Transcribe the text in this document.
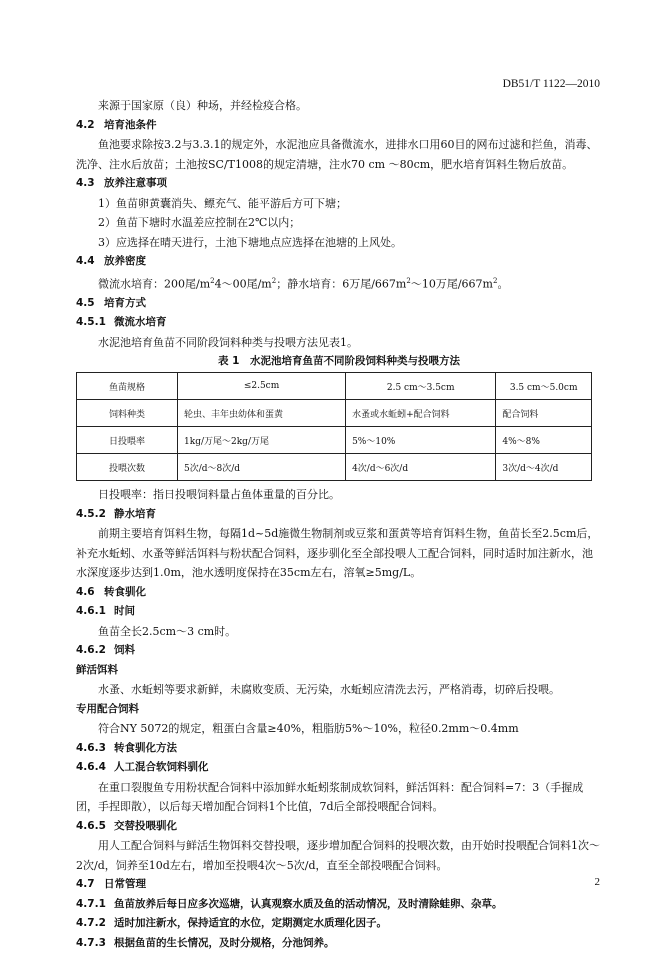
DB51/T 1122—2010

来源于国家原（良）种场，并经检疫合格。

4.2 培育池条件

鱼池要求除按3.2与3.3.1的规定外，水泥池应具备微流水，进排水口用60目的网布过滤和拦鱼，消毒、洗净、注水后放苗；土池按SC/T1008的规定清塘，注水70 cm ～80cm，肥水培育饵料生物后放苗。

4.3 放养注意事项

1）鱼苗卵黄囊消失、鳔充气、能平游后方可下塘；

2）鱼苗下塘时水温差应控制在2℃以内；

3）应选择在晴天进行，土池下塘地点应选择在池塘的上风处。

4.4 放养密度

微流水培育：200尾$/m^24\sim 00$尾$/m^2$；静水培育：6万尾$/667m^2\sim 10$万尾$/667m^2$。

4.5 培育方式

4.5.1 微流水培育

水泥池培育鱼苗不同阶段饲料种类与投喂方法见表1。

表 1　水泥池培育鱼苗不同阶段饲料种类与投喂方法

鱼苗规格	≤2.5cm	2.5 cm～3.5cm	3.5 cm～5.0cm
饲料种类	轮虫、丰年虫幼体和蛋黄	水蚤或水蚯蚓+配合饲料	配合饲料
日投喂率	1kg/万尾～2kg/万尾	5%～10%	4%～8%
投喂次数	5次/d～8次/d	4次/d～6次/d	3次/d～4次/d

日投喂率：指日投喂饲料量占鱼体重量的百分比。

4.5.2 静水培育

前期主要培育饵料生物，每隔1d~5d施微生物制剂或豆浆和蛋黄等培育饵料生物，鱼苗长至2.5cm后，补充水蚯蚓、水蚤等鲜活饵料与粉状配合饲料，逐步驯化至全部投喂人工配合饲料，同时适时加注新水，池水深度逐步达到1.0m，池水透明度保持在35cm左右，溶氧≥5mg/L。

4.6 转食驯化

4.6.1 时间

鱼苗全长2.5cm～3 cm时。

4.6.2 饲料

鲜活饵料

水蚤、水蚯蚓等要求新鲜，未腐败变质、无污染，水蚯蚓应清洗去污，严格消毒，切碎后投喂。

专用配合饲料

符合NY 5072的规定，粗蛋白含量≥40%，粗脂肪5%～10%，粒径0.2mm～0.4mm

4.6.3 转食驯化方法

4.6.4 人工混合软饲料驯化

在重口裂腹鱼专用粉状配合饲料中添加鲜水蚯蚓浆制成软饲料，鲜活饵料：配合饲料=7：3（手握成团，手捏即散），以后每天增加配合饲料1个比值，7d后全部投喂配合饲料。

4.6.5 交替投喂驯化

用人工配合饲料与鲜活生物饵料交替投喂，逐步增加配合饲料的投喂次数，由开始时投喂配合饲料1次～2次/d，饲养至10d左右，增加至投喂4次～5次/d，直至全部投喂配合饲料。

4.7 日常管理

4.7.1 鱼苗放养后每日应多次巡塘，认真观察水质及鱼的活动情况，及时清除蛙卵、杂草。

4.7.2 适时加注新水，保持适宜的水位，定期测定水质理化因子。

4.7.3 根据鱼苗的生长情况，及时分规格，分池饲养。

2
